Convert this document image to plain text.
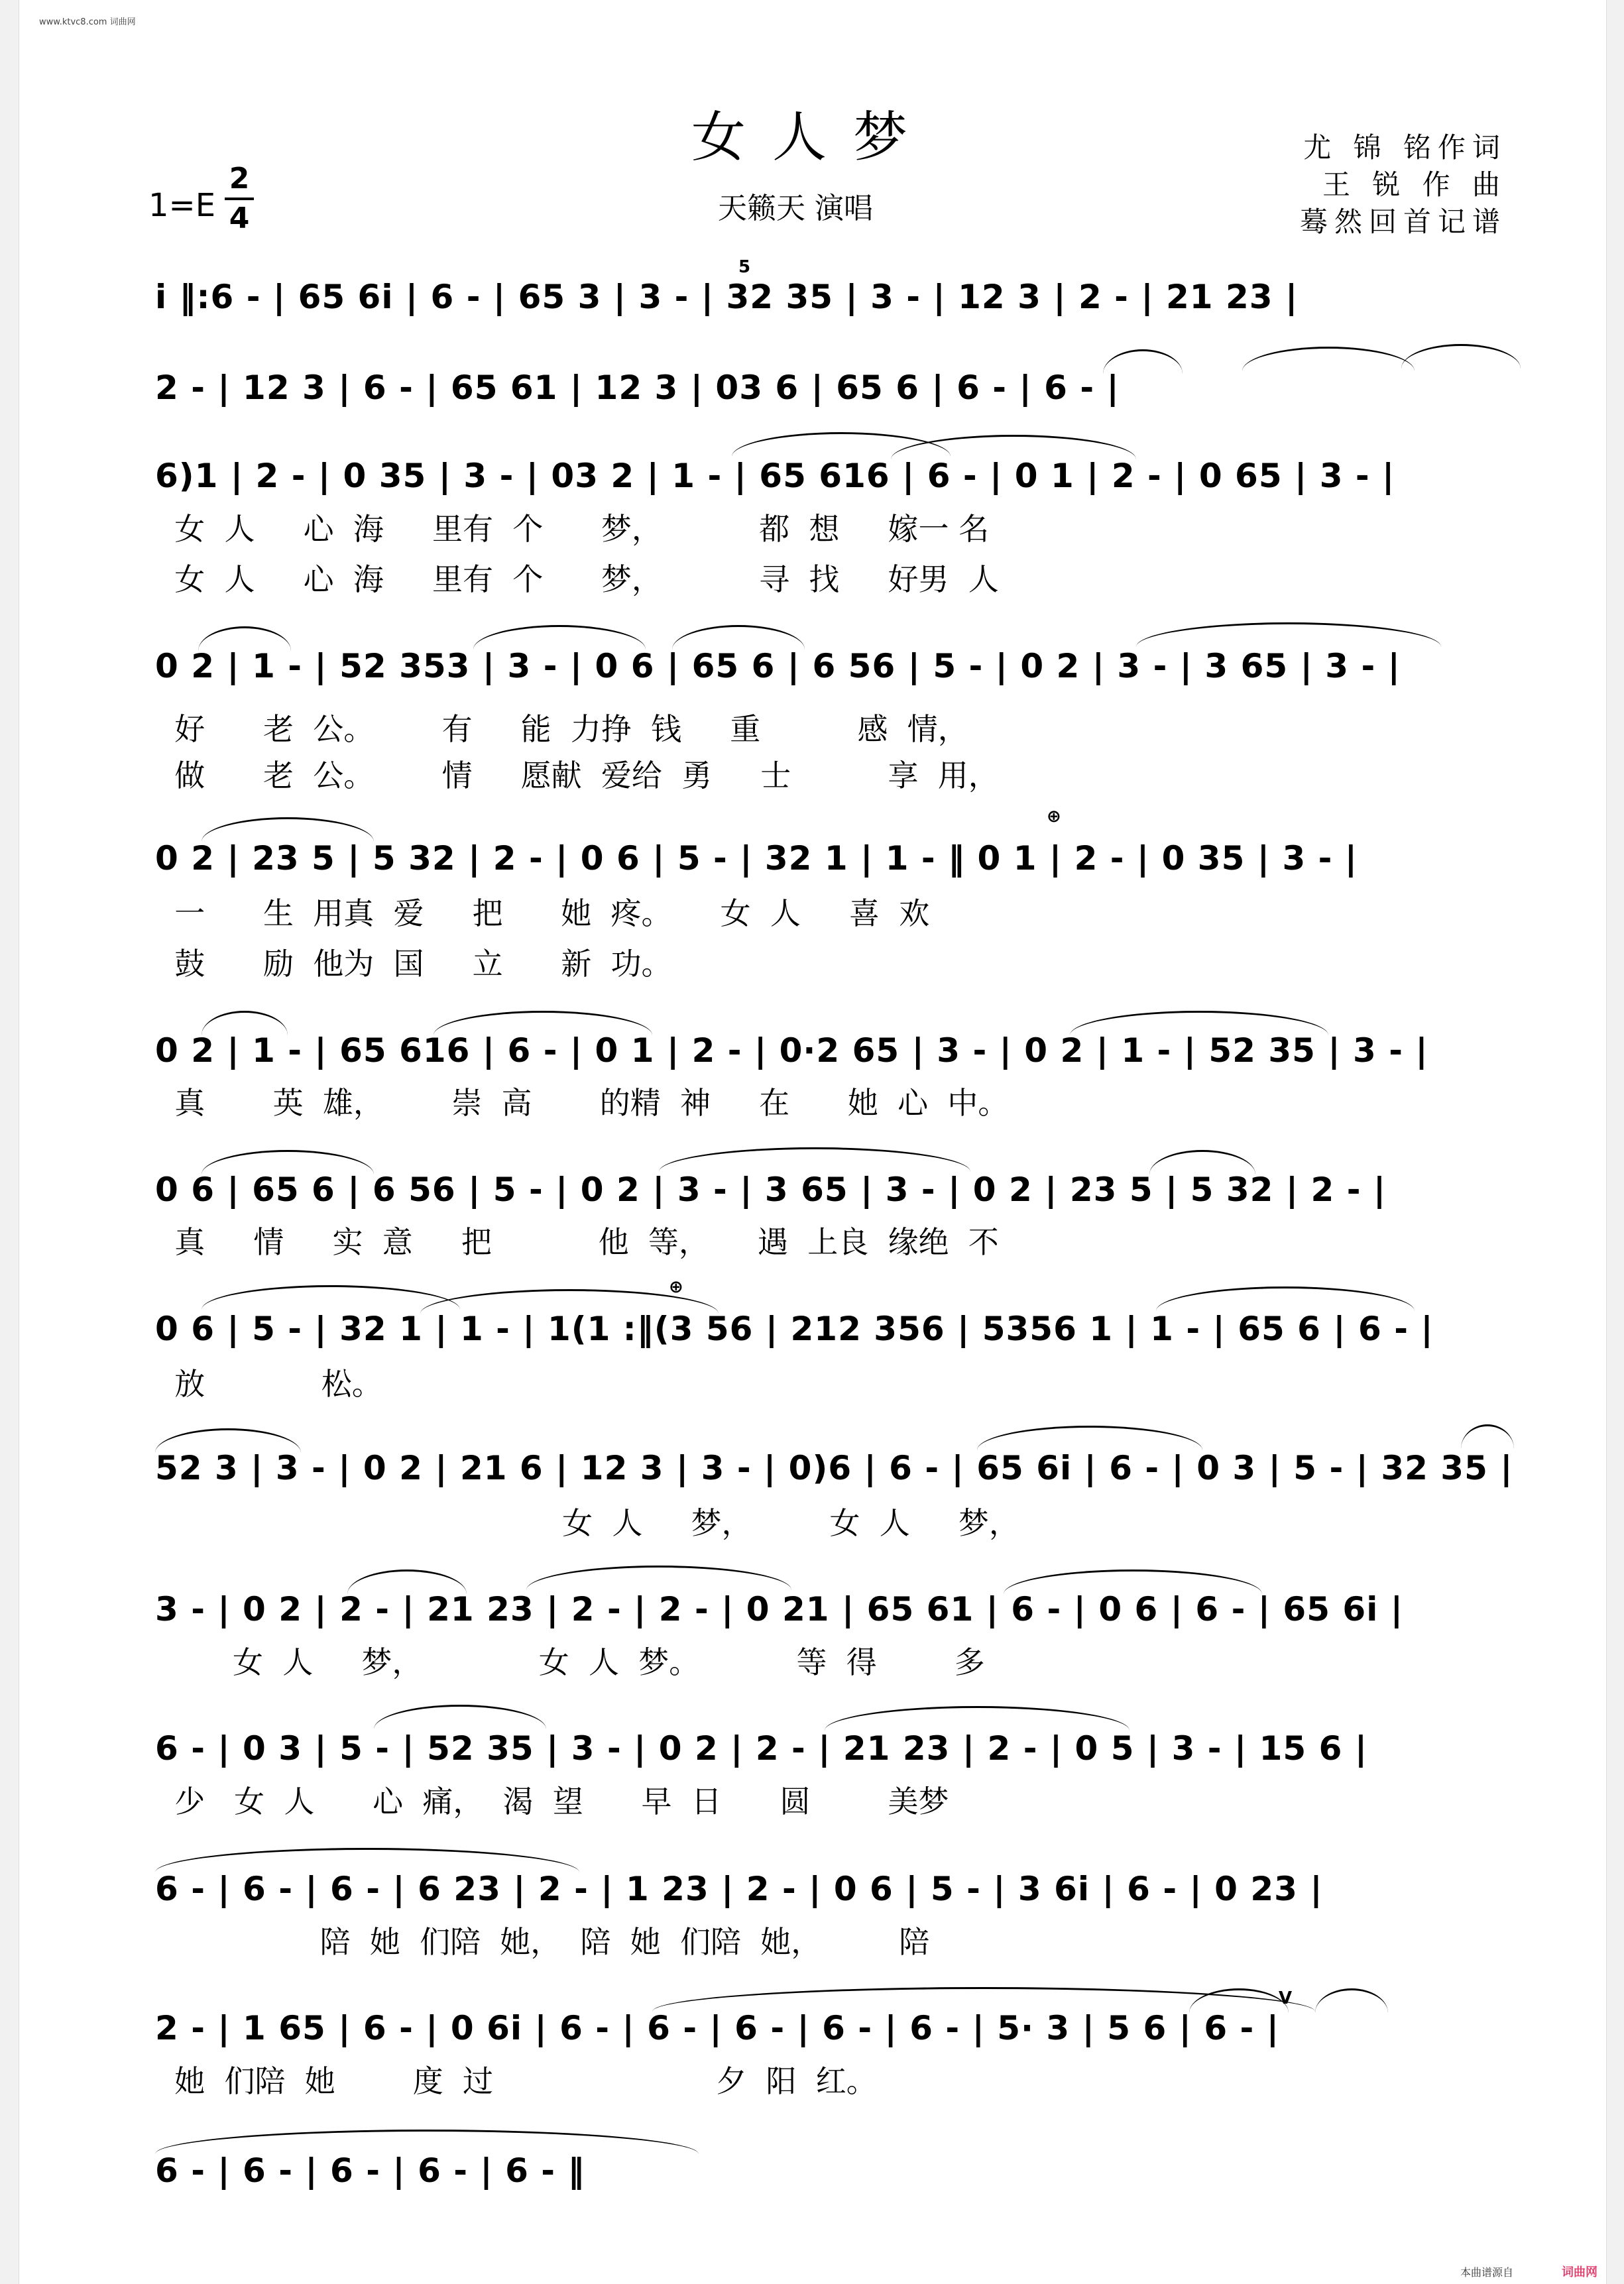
www.ktvc8.com 词曲网
女人梦
1=E
2
4	天籁天 演唱
尤 锦 铭作词
王 锐 作 曲
蓦然回首记谱
i ‖:6 - | 65 6i | 6 - | 65 3 | 3 - | 32 35 | 3 - | 12 3 | 2 - | 21 23 |
5
2 - | 12 3 | 6 - | 65 61 | 12 3 | 03 6 | 65 6 | 6 - | 6 - |
6)1 | 2 - | 0 35 | 3 - | 03 2 | 1 - | 65 616 | 6 - | 0 1 | 2 - | 0 65 | 3 - |
女  人     心  海     里有  个      梦，          都  想     嫁一 名
女  人     心  海     里有  个      梦，          寻  找     好男  人
0 2 | 1 - | 52 353 | 3 - | 0 6 | 65 6 | 6 56 | 5 - | 0 2 | 3 - | 3 65 | 3 - |
好      老  公。       有     能  力挣  钱     重          感  情，
做      老  公。       情     愿献  爱给  勇     士          享  用，
0 2 | 23 5 | 5 32 | 2 - | 0 6 | 5 - | 32 1 | 1 - ‖ 0 1 | 2 - | 0 35 | 3 - |
⊕
一      生  用真  爱     把      她  疼。     女  人     喜  欢
鼓      励  他为  国     立      新  功。
0 2 | 1 - | 65 616 | 6 - | 0 1 | 2 - | 0·2 65 | 3 - | 0 2 | 1 - | 52 35 | 3 - |
真       英  雄，       崇  高       的精  神     在      她  心  中。
0 6 | 65 6 | 6 56 | 5 - | 0 2 | 3 - | 3 65 | 3 - | 0 2 | 23 5 | 5 32 | 2 - |
真     情     实  意     把           他  等，     遇  上良  缘绝  不
0 6 | 5 - | 32 1 | 1 - | 1(1 :‖(3 56 | 212 356 | 5356 1 | 1 - | 65 6 | 6 - |
⊕
放            松。
52 3 | 3 - | 0 2 | 21 6 | 12 3 | 3 - | 0)6 | 6 - | 65 6i | 6 - | 0 3 | 5 - | 32 35 |
女  人     梦，        女  人     梦，
3 - | 0 2 | 2 - | 21 23 | 2 - | 2 - | 0 21 | 65 61 | 6 - | 0 6 | 6 - | 65 6i |
女  人     梦，            女  人  梦。          等  得        多
6 - | 0 3 | 5 - | 52 35 | 3 - | 0 2 | 2 - | 21 23 | 2 - | 0 5 | 3 - | 15 6 |
少   女  人      心  痛，  渴  望      早  日      圆        美梦
6 - | 6 - | 6 - | 6 23 | 2 - | 1 23 | 2 - | 0 6 | 5 - | 3 6i | 6 - | 0 23 |
陪  她  们陪  她，  陪  她  们陪  她，        陪
2 - | 1 65 | 6 - | 0 6i | 6 - | 6 - | 6 - | 6 - | 6 - | 5· 3 | 5 6 | 6 - |
V
她  们陪  她        度  过                       夕  阳  红。
6 - | 6 - | 6 - | 6 - | 6 - ‖
本曲谱源自	词曲网
